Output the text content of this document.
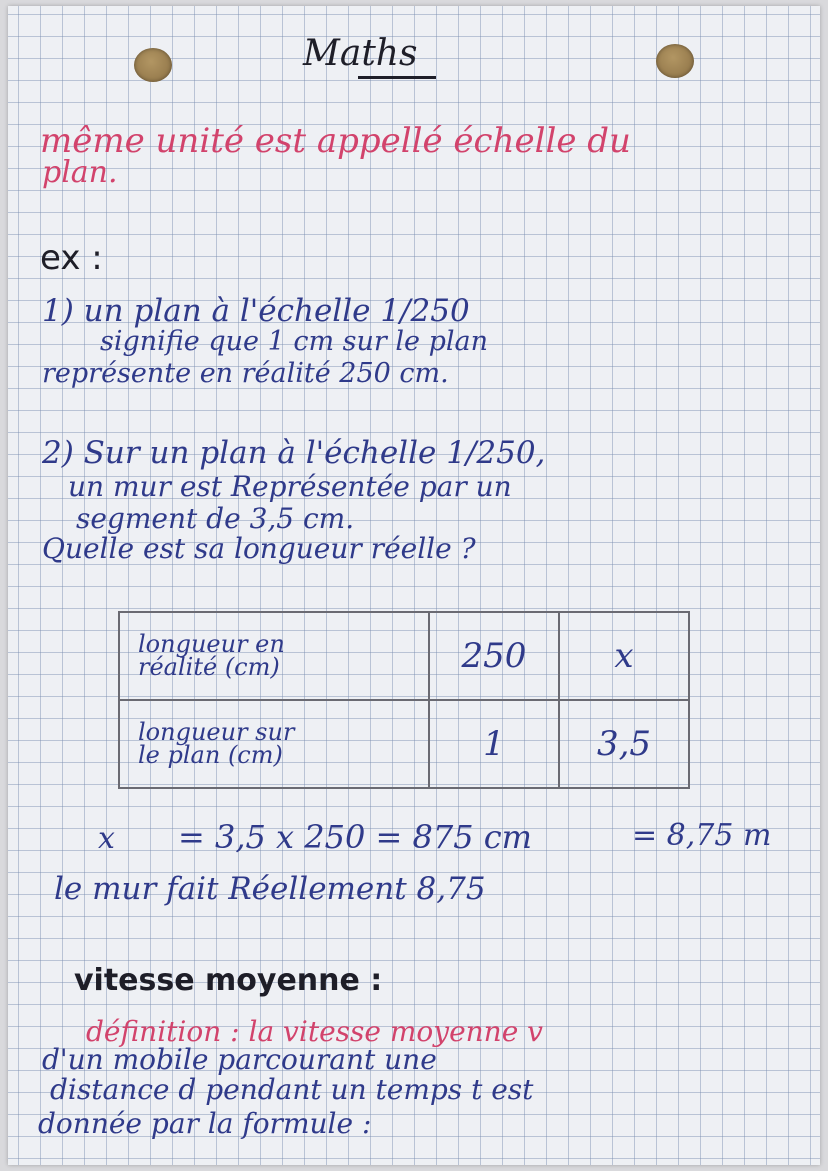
Maths

même unité est appellé échelle du

plan.

ex :

1) un plan à l'échelle 1/250

signifie que 1 cm sur le plan

représente en réalité 250 cm.

2) Sur un plan à l'échelle 1/250,

un mur est Représentée par un

segment de 3,5 cm.

Quelle est sa longueur réelle ?

longueur en
réalité (cm)	250	x

longueur sur
le plan (cm)	1	3,5

x = 3,5 x 250 = 875 cm	= 8,75 m

le mur fait Réellement 8,75

vitesse moyenne :

définition : la vitesse moyenne v

d'un mobile parcourant une

distance d pendant un temps t est

donnée par la formule :
